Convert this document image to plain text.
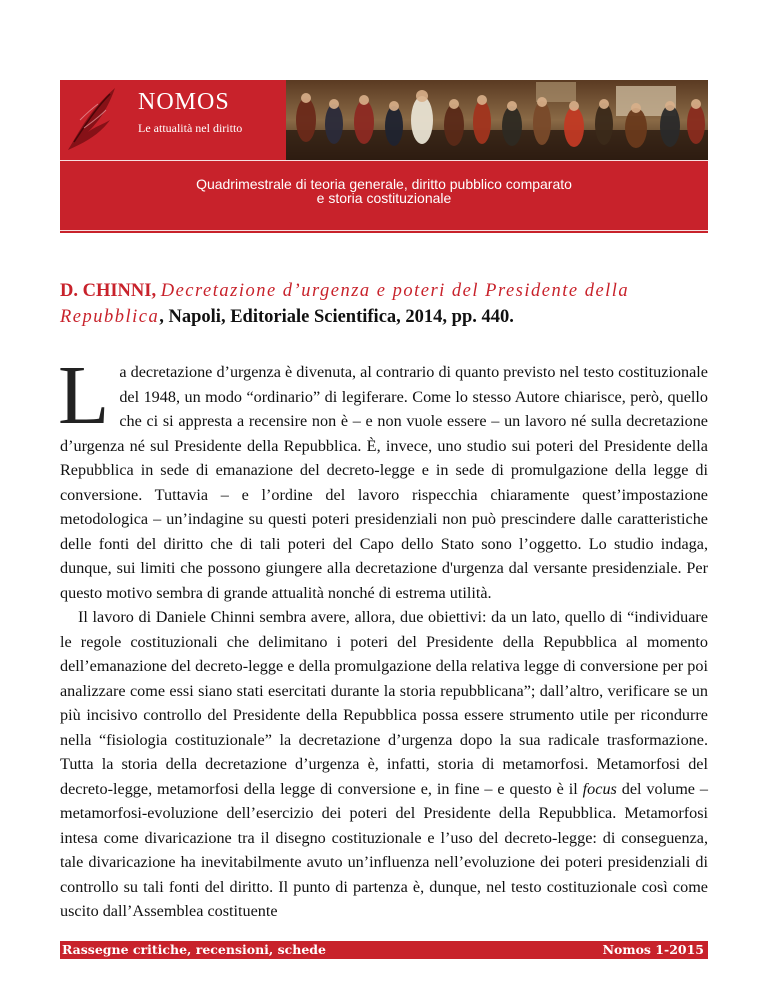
NOMOS
Le attualità nel diritto
Quadrimestrale di teoria generale, diritto pubblico comparato
e storia costituzionale
D. CHINNI, Decretazione d’urgenza e poteri del Presidente della Repubblica, Napoli, Editoriale Scientifica, 2014, pp. 440.

La decretazione d’urgenza è divenuta, al contrario di quanto previsto nel testo costituzionale del 1948, un modo “ordinario” di legiferare. Come lo stesso Autore chiarisce, però, quello che ci si appresta a recensire non è – e non vuole essere – un lavoro né sulla decretazione d’urgenza né sul Presidente della Repubblica. È, invece, uno studio sui poteri del Presidente della Repubblica in sede di emanazione del decreto-legge e in sede di promulgazione della legge di conversione. Tuttavia – e l’ordine del lavoro rispecchia chiaramente quest’impostazione metodologica – un’indagine su questi poteri presidenziali non può prescindere dalle caratteristiche delle fonti del diritto che di tali poteri del Capo dello Stato sono l’oggetto. Lo studio indaga, dunque, sui limiti che possono giungere alla decretazione d'urgenza dal versante presidenziale. Per questo motivo sembra di grande attualità nonché di estrema utilità.

Il lavoro di Daniele Chinni sembra avere, allora, due obiettivi: da un lato, quello di “individuare le regole costituzionali che delimitano i poteri del Presidente della Repubblica al momento dell’emanazione del decreto-legge e della promulgazione della relativa legge di conversione per poi analizzare come essi siano stati esercitati durante la storia repubblicana”; dall’altro, verificare se un più incisivo controllo del Presidente della Repubblica possa essere strumento utile per ricondurre nella “fisiologia costituzionale” la decretazione d’urgenza dopo la sua radicale trasformazione. Tutta la storia della decretazione d’urgenza è, infatti, storia di metamorfosi. Metamorfosi del decreto-legge, metamorfosi della legge di conversione e, in fine – e questo è il focus del volume – metamorfosi-evoluzione dell’esercizio dei poteri del Presidente della Repubblica. Metamorfosi intesa come divaricazione tra il disegno costituzionale e l’uso del decreto-legge: di conseguenza, tale divaricazione ha inevitabilmente avuto un’influenza nell’evoluzione dei poteri presidenziali di controllo su tali fonti del diritto. Il punto di partenza è, dunque, nel testo costituzionale così come uscito dall’Assemblea costituente

Rassegne critiche, recensioni, schede	Nomos 1-2015
